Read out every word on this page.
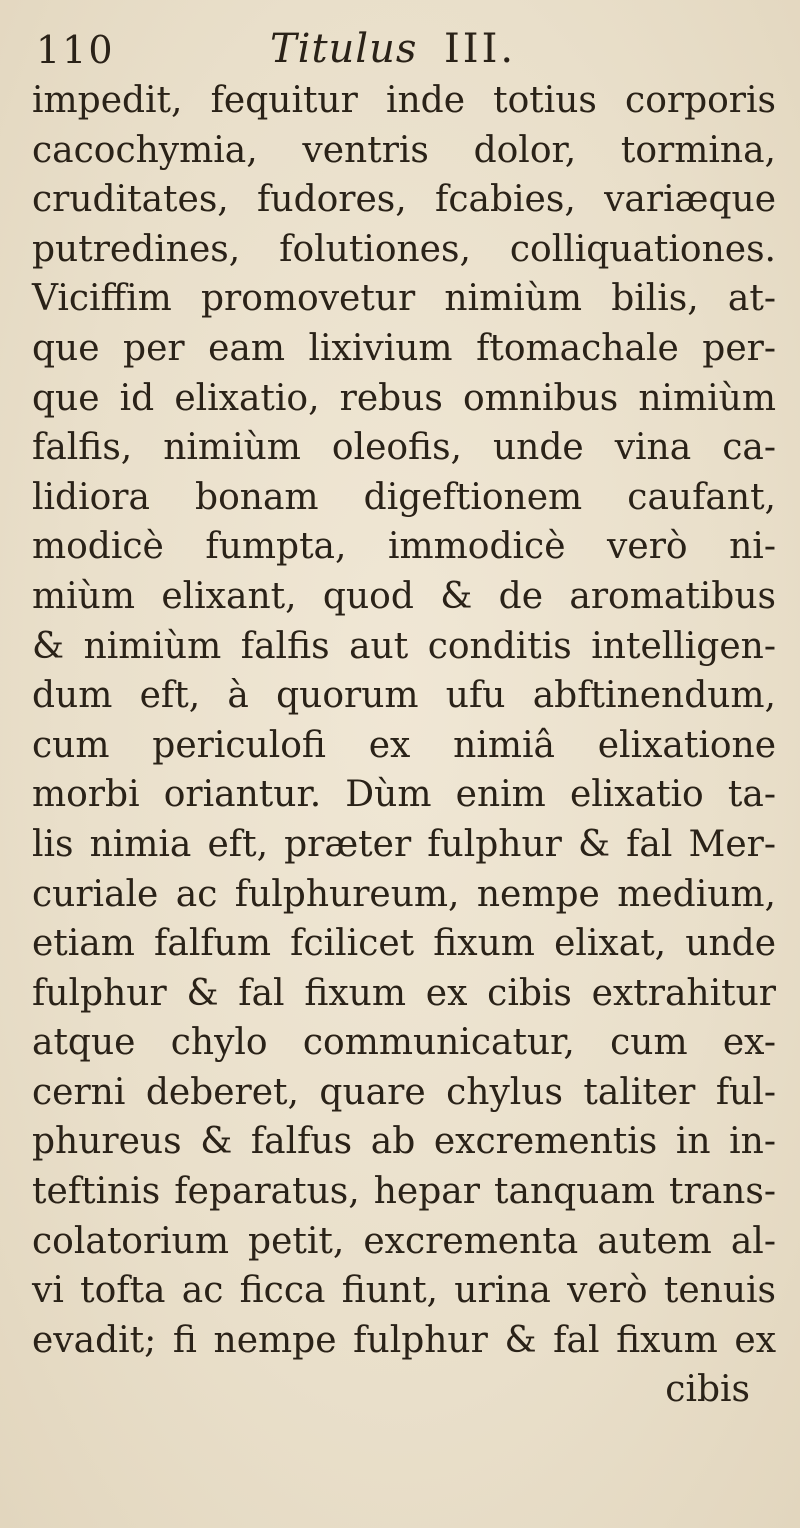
110	Titulus III.
impedit, fequitur inde totius corporis
cacochymia, ventris dolor, tormina,
cruditates, fudores, fcabies, variæque
putredines, folutiones, colliquationes.
Viciffim promovetur nimiùm bilis, at-
que per eam lixivium ftomachale per-
que id elixatio, rebus omnibus nimiùm
falfis, nimiùm oleofis, unde vina ca-
lidiora bonam digeftionem caufant,
modicè fumpta, immodicè verò ni-
miùm elixant, quod & de aromatibus
& nimiùm falfis aut conditis intelligen-
dum eft, à quorum ufu abftinendum,
cum periculofi ex nimiâ elixatione
morbi oriantur. Dùm enim elixatio ta-
lis nimia eft, præter fulphur & fal Mer-
curiale ac fulphureum, nempe medium,
etiam falfum fcilicet fixum elixat, unde
fulphur & fal fixum ex cibis extrahitur
atque chylo communicatur, cum ex-
cerni deberet, quare chylus taliter ful-
phureus & falfus ab excrementis in in-
teftinis feparatus, hepar tanquam trans-
colatorium petit, excrementa autem al-
vi tofta ac ficca fiunt, urina verò tenuis
evadit; fi nempe fulphur & fal fixum ex
cibis
